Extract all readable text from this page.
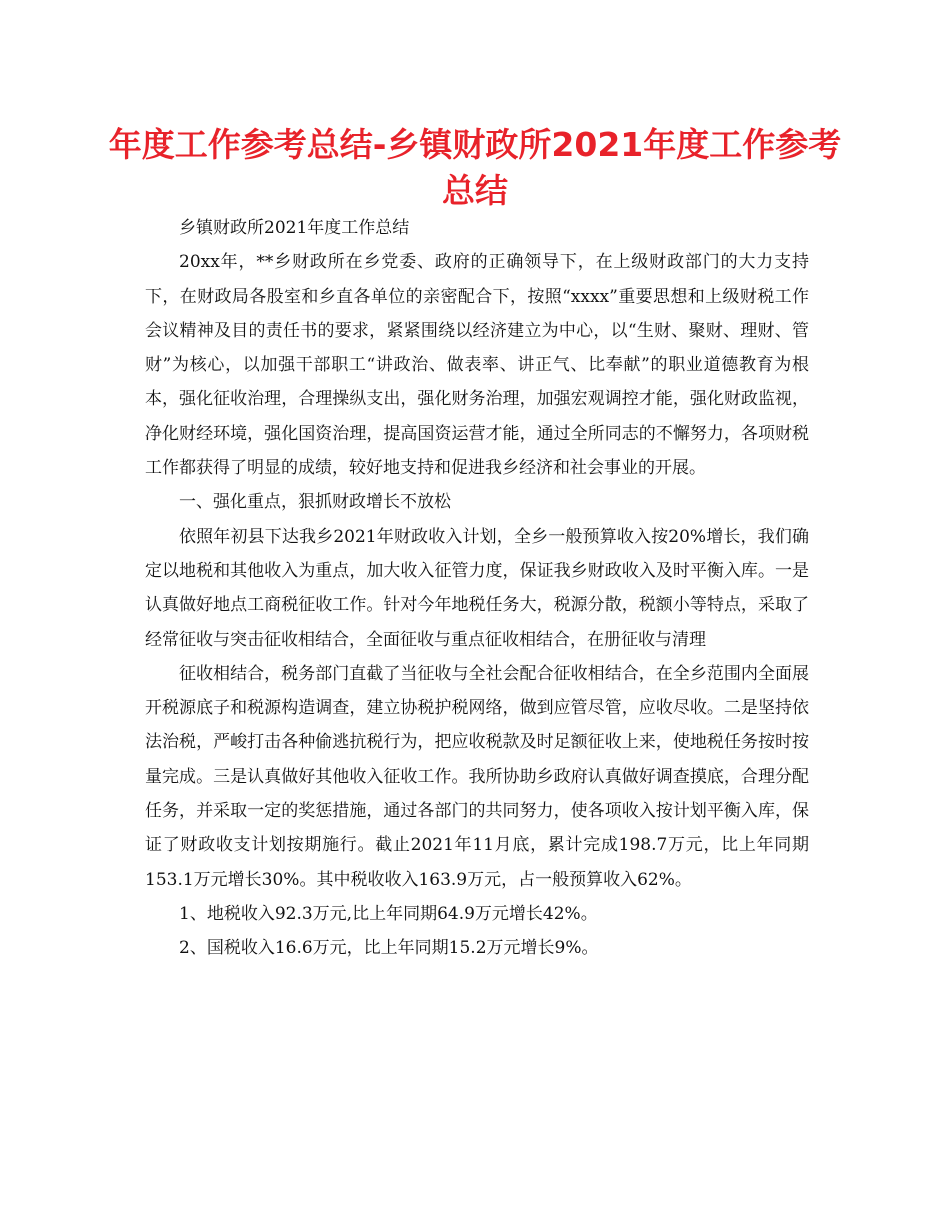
年度工作参考总结-乡镇财政所2021年度工作参考总结

乡镇财政所2021年度工作总结

20xx年，**乡财政所在乡党委、政府的正确领导下，在上级财政部门的大力支持下，在财政局各股室和乡直各单位的亲密配合下，按照“xxxx”重要思想和上级财税工作会议精神及目的责任书的要求，紧紧围绕以经济建立为中心，以“生财、聚财、理财、管财”为核心，以加强干部职工“讲政治、做表率、讲正气、比奉献”的职业道德教育为根本，强化征收治理，合理操纵支出，强化财务治理，加强宏观调控才能，强化财政监视，净化财经环境，强化国资治理，提高国资运营才能，通过全所同志的不懈努力，各项财税工作都获得了明显的成绩，较好地支持和促进我乡经济和社会事业的开展。

一、强化重点，狠抓财政增长不放松

依照年初县下达我乡2021年财政收入计划，全乡一般预算收入按20%增长，我们确定以地税和其他收入为重点，加大收入征管力度，保证我乡财政收入及时平衡入库。一是认真做好地点工商税征收工作。针对今年地税任务大，税源分散，税额小等特点，采取了经常征收与突击征收相结合，全面征收与重点征收相结合，在册征收与清理

征收相结合，税务部门直截了当征收与全社会配合征收相结合，在全乡范围内全面展开税源底子和税源构造调查，建立协税护税网络，做到应管尽管，应收尽收。二是坚持依法治税，严峻打击各种偷逃抗税行为，把应收税款及时足额征收上来，使地税任务按时按量完成。三是认真做好其他收入征收工作。我所协助乡政府认真做好调查摸底，合理分配任务，并采取一定的奖惩措施，通过各部门的共同努力，使各项收入按计划平衡入库，保证了财政收支计划按期施行。截止2021年11月底，累计完成198.7万元，比上年同期153.1万元增长30%。其中税收收入163.9万元，占一般预算收入62%。

1、地税收入92.3万元,比上年同期64.9万元增长42%。

2、国税收入16.6万元，比上年同期15.2万元增长9%。
